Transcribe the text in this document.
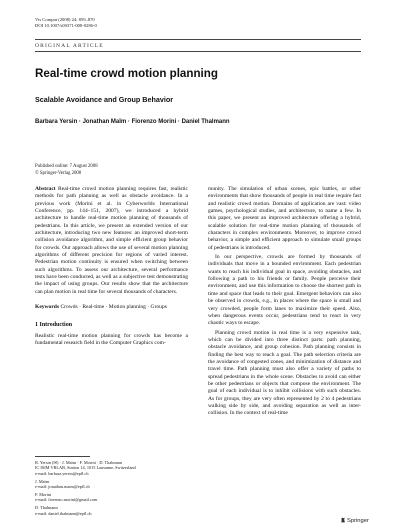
Vis Comput (2008) 24: 859–870
DOI 10.1007/s00371-008-0286-0
ORIGINAL ARTICLE
Real-time crowd motion planning
Scalable Avoidance and Group Behavior
Barbara Yersin · Jonathan Maïm · Fiorenzo Morini · Daniel Thalmann
Published online: 7 August 2008
© Springer-Verlag 2008

Abstract Real-time crowd motion planning requires fast, realistic methods for path planning as well as obstacle avoidance. In a previous work (Morini et al. in Cyberworlds International Conference, pp. 144–151, 2007), we introduced a hybrid architecture to handle real-time motion planning of thousands of pedestrians. In this article, we present an extended version of our architecture, introducing two new features: an improved short-term collision avoidance algorithm, and simple efficient group behavior for crowds. Our approach allows the use of several motion planning algorithms of different precision for regions of varied interest. Pedestrian motion continuity is ensured when switching between such algorithms. To assess our architecture, several performance tests have been conducted, as well as a subjective test demonstrating the impact of using groups. Our results show that the architecture can plan motion in real time for several thousands of characters.

Keywords Crowds · Real-time · Motion planning · Groups

1 Introduction

Realistic real-time motion planning for crowds has become a fundamental research field in the Computer Graphics com-

munity. The simulation of urban scenes, epic battles, or other environments that show thousands of people in real time require fast and realistic crowd motion. Domains of application are vast: video games, psychological studies, and architecture, to name a few. In this paper, we present an improved architecture offering a hybrid, scalable solution for real-time motion planning of thousands of characters in complex environments. Moreover, to improve crowd behavior, a simple and efficient approach to simulate small groups of pedestrians is introduced.

In our perspective, crowds are formed by thousands of individuals that move in a bounded environment. Each pedestrian wants to reach his individual goal in space, avoiding obstacles, and following a path to his friends or family. People perceive their environment, and use this information to choose the shortest path in time and space that leads to their goal. Emergent behaviors can also be observed in crowds, e.g., in places where the space is small and very crowded, people form lanes to maximize their speed. Also, when dangerous events occur, pedestrians tend to react in very chaotic ways to escape.

Planning crowd motion in real time is a very expensive task, which can be divided into three distinct parts: path planning, obstacle avoidance, and group cohesion. Path planning consists in finding the best way to reach a goal. The path selection criteria are the avoidance of congested zones, and minimization of distance and travel time. Path planning must also offer a variety of paths to spread pedestrians in the whole scene. Obstacles to avoid can either be other pedestrians or objects that compose the environment. The goal of each individual is to inhibit collisions with such obstacles. As for groups, they are very often represented by 2 to 4 pedestrians walking side by side, and avoiding separation as well as inter-collision. In the context of real-time

B. Yersin (✉) · J. Maïm · F. Morini · D. Thalmann
IC ISIM VRLAB, Station 14, 1015 Lausanne, Switzerland
e-mail: barbara.yersin@epfl.ch
J. Maïm
e-mail: jonathan.maim@epfl.ch
F. Morini
e-mail: fiorenzo.morini@gmail.com
D. Thalmann
e-mail: daniel.thalmann@epfl.ch
Springer
